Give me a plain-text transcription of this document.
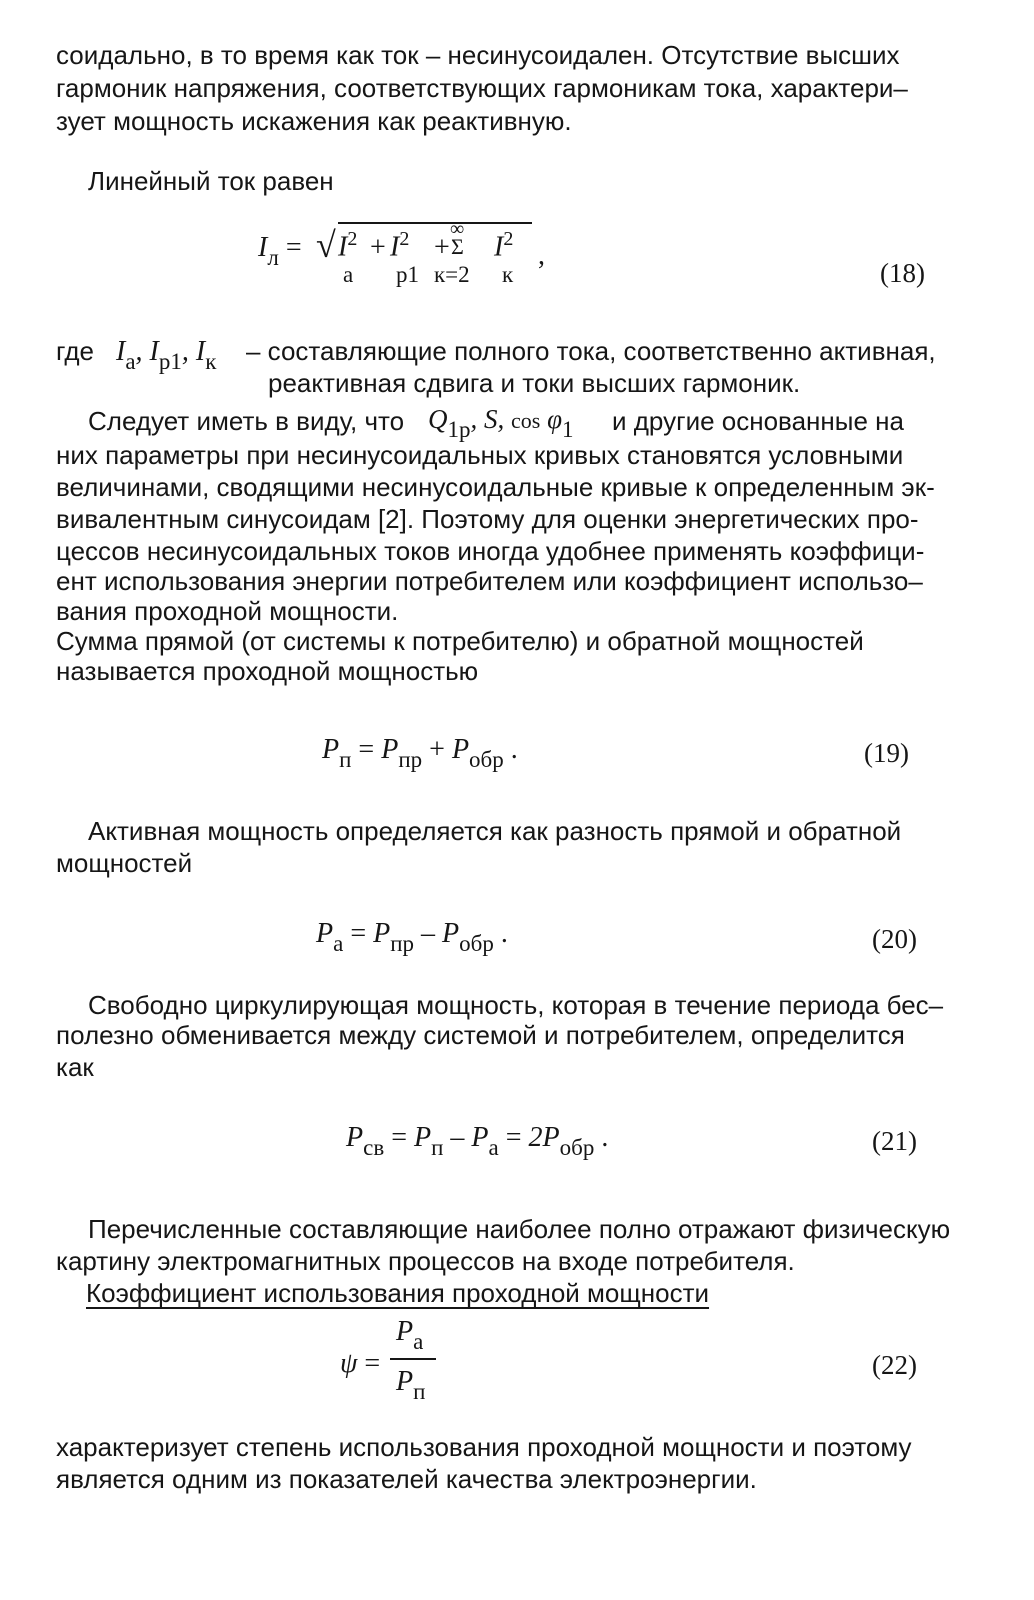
соидально, в то время как ток – несинусоидален. Отсутствие высших
гармоник напряжения, соответствующих гармоникам тока, характери–
зует мощность искажения как реактивную.
Линейный ток равен
$I_л$ = √ $I^2$
а
+ $I^2$
р1
+
∞
Σ
к=2
$I^2$
к
,
(18)
где $I_а$, $I_{р1}$, $I_к$ – составляющие полного тока, соответственно активная,
реактивная сдвига и токи высших гармоник.
Следует иметь в виду, что Q1р, S, cos φ1 и другие основанные на
них параметры при несинусоидальных кривых становятся условными
величинами, сводящими несинусоидальные кривые к определенным эк-
вивалентным синусоидам [2]. Поэтому для оценки энергетических про-
цессов несинусоидальных токов иногда удобнее применять коэффици-
ент использования энергии потребителем или коэффициент использо–
вания проходной мощности.
Сумма прямой (от системы к потребителю) и обратной мощностей
называется проходной мощностью
$P_п = P_{пр} + P_{обр}$ .	(19)
Активная мощность определяется как разность прямой и обратной
мощностей
$P_а = P_{пр} - P_{обр}$ .	(20)
Свободно циркулирующая мощность, которая в течение периода бес–
полезно обменивается между системой и потребителем, определится
как
$P_{св} = P_п - P_а = 2P_{обр}$ .	(21)
Перечисленные составляющие наиболее полно отражают физическую
картину электромагнитных процессов на входе потребителя.
Коэффициент использования проходной мощности
ψ =
$P_а$
$P_п$
(22)
характеризует степень использования проходной мощности и поэтому
является одним из показателей качества электроэнергии.
